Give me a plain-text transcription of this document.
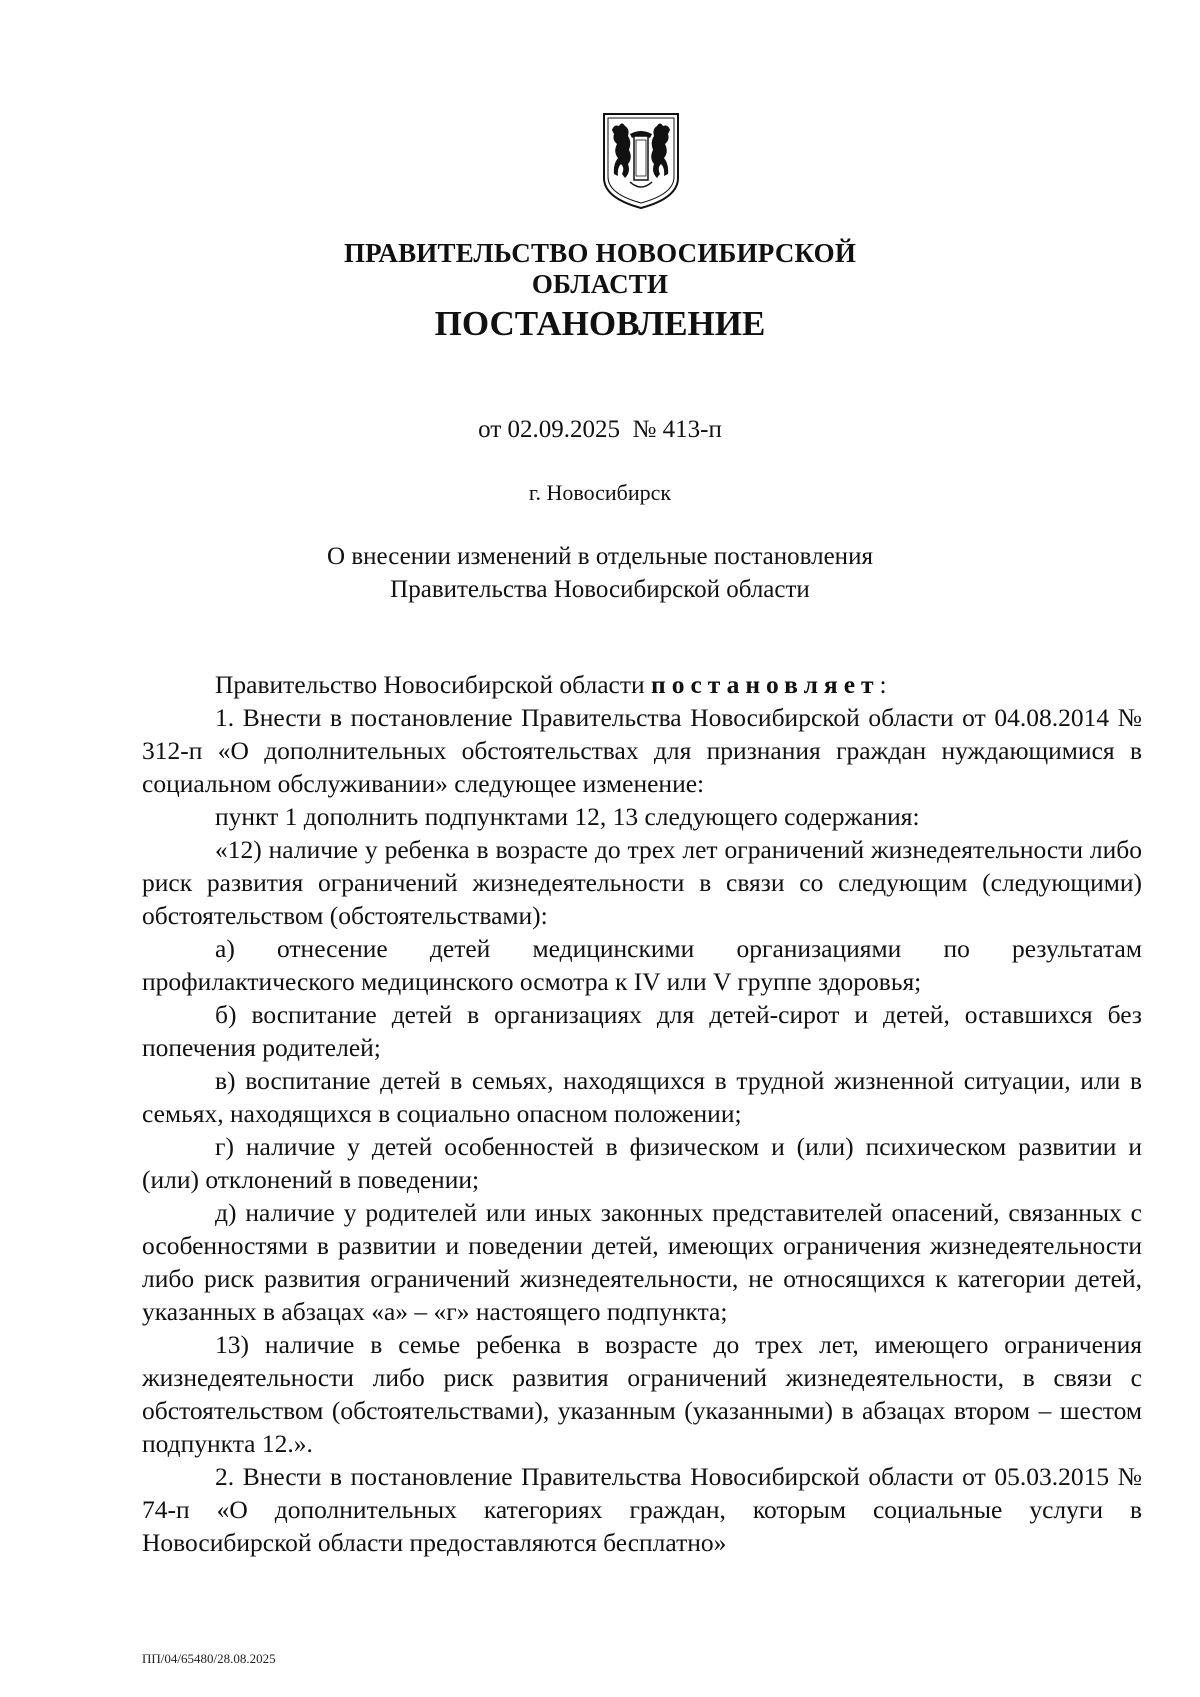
ПРАВИТЕЛЬСТВО НОВОСИБИРСКОЙ ОБЛАСТИ
ПОСТАНОВЛЕНИЕ
от 02.09.2025  № 413-п
г. Новосибирск
О внесении изменений в отдельные постановления
Правительства Новосибирской области

Правительство Новосибирской области постановляет:

1. Внести в постановление Правительства Новосибирской области от 04.08.2014 № 312-п «О дополнительных обстоятельствах для признания граждан нуждающимися в социальном обслуживании» следующее изменение:

пункт 1 дополнить подпунктами 12, 13 следующего содержания:

«12) наличие у ребенка в возрасте до трех лет ограничений жизнедеятельности либо риск развития ограничений жизнедеятельности в связи со следующим (следующими) обстоятельством (обстоятельствами):

а) отнесение детей медицинскими организациями по результатам профилактического медицинского осмотра к IV или V группе здоровья;

б) воспитание детей в организациях для детей-сирот и детей, оставшихся без попечения родителей;

в) воспитание детей в семьях, находящихся в трудной жизненной ситуации, или в семьях, находящихся в социально опасном положении;

г) наличие у детей особенностей в физическом и (или) психическом развитии и (или) отклонений в поведении;

д) наличие у родителей или иных законных представителей опасений, связанных с особенностями в развитии и поведении детей, имеющих ограничения жизнедеятельности либо риск развития ограничений жизнедеятельности, не относящихся к категории детей, указанных в абзацах «а» – «г» настоящего подпункта;

13) наличие в семье ребенка в возрасте до трех лет, имеющего ограничения жизнедеятельности либо риск развития ограничений жизнедеятельности, в связи с обстоятельством (обстоятельствами), указанным (указанными) в абзацах втором – шестом подпункта 12.».

2. Внести в постановление Правительства Новосибирской области от 05.03.2015 № 74-п «О дополнительных категориях граждан, которым социальные услуги в Новосибирской области предоставляются бесплатно»

ПП/04/65480/28.08.2025
